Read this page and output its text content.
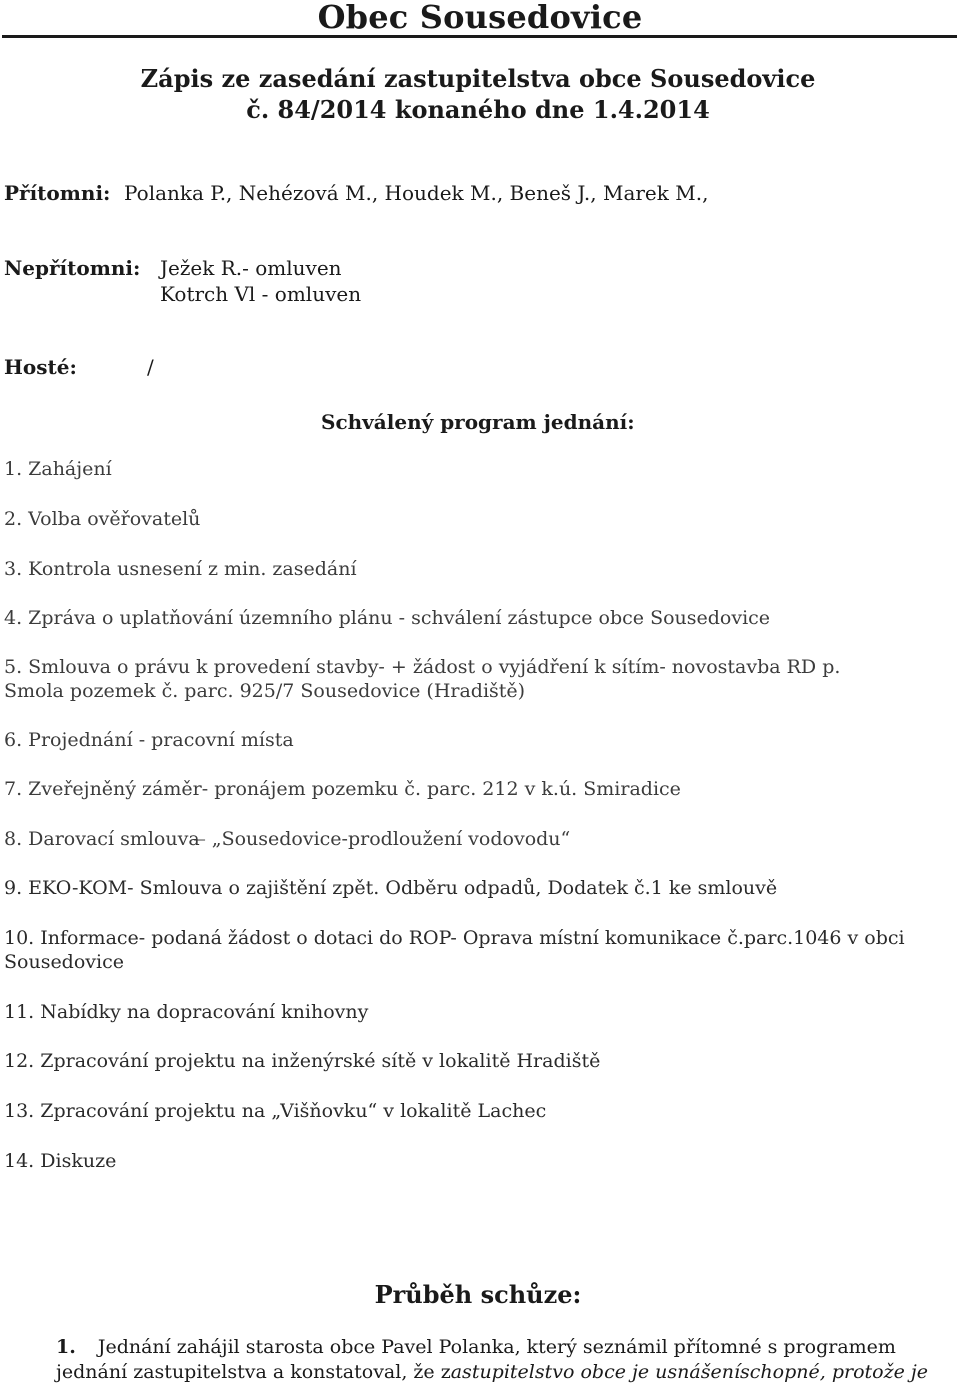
Obec Sousedovice
Zápis ze zasedání zastupitelstva obce Sousedovice
č. 84/2014 konaného dne 1.4.2014
Přítomni: Polanka P., Nehézová M., Houdek M., Beneš J., Marek M.,
Nepřítomni: Ježek R.- omluven
Kotrch Vl - omluven
Hosté:	/
Schválený program jednání:
1. Zahájení
2. Volba ověřovatelů
3. Kontrola usnesení z min. zasedání
4. Zpráva o uplatňování územního plánu - schválení zástupce obce Sousedovice
5. Smlouva o právu k provedení stavby- + žádost o vyjádření k sítím- novostavba RD p.
Smola pozemek č. parc. 925/7 Sousedovice (Hradiště)
6. Projednání - pracovní místa
7. Zveřejněný záměr- pronájem pozemku č. parc. 212 v k.ú. Smiradice
8. Darovací smlouva ̶ „Sousedovice-prodloužení vodovodu“
9. EKO-KOM- Smlouva o zajištění zpět. Odběru odpadů, Dodatek č.1 ke smlouvě
10. Informace- podaná žádost o dotaci do ROP- Oprava místní komunikace č.parc.1046 v obci
Sousedovice
11. Nabídky na dopracování knihovny
12. Zpracování projektu na inženýrské sítě v lokalitě Hradiště
13. Zpracování projektu na „Višňovku“ v lokalitě Lachec
14. Diskuze
Průběh schůze:
1. Jednání zahájil starosta obce Pavel Polanka, který seznámil přítomné s programem jednání zastupitelstva a konstatoval, že zastupitelstvo obce je usnášeníschopné, protože je
